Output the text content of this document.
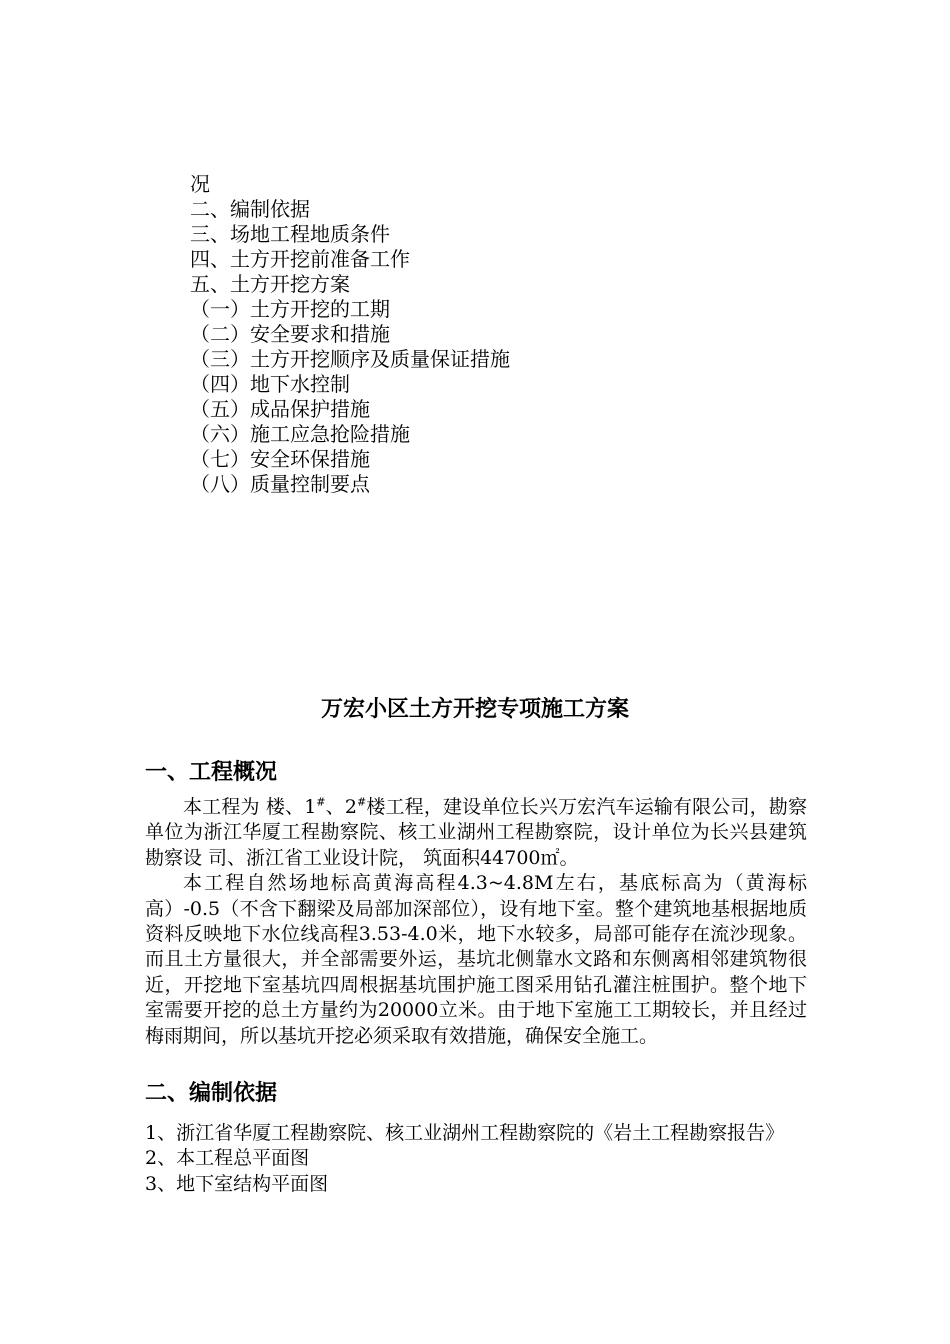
况
二、编制依据
三、场地工程地质条件
四、土方开挖前准备工作
五、土方开挖方案
（一）土方开挖的工期
（二）安全要求和措施
（三）土方开挖顺序及质量保证措施
（四）地下水控制
（五）成品保护措施
（六）施工应急抢险措施
（七）安全环保措施
（八）质量控制要点
万宏小区土方开挖专项施工方案
一、工程概况

本工程为 楼、1#、2#楼工程，建设单位长兴万宏汽车运输有限公司，勘察单位为浙江华厦工程勘察院、核工业湖州工程勘察院，设计单位为长兴县建筑勘察设 司、浙江省工业设计院， 筑面积44700㎡。

本工程自然场地标高黄海高程4.3~4.8M左右，基底标高为（黄海标高）-0.5（不含下翻梁及局部加深部位），设有地下室。整个建筑地基根据地质资料反映地下水位线高程3.53-4.0米，地下水较多，局部可能存在流沙现象。而且土方量很大，并全部需要外运，基坑北侧靠水文路和东侧离相邻建筑物很近，开挖地下室基坑四周根据基坑围护施工图采用钻孔灌注桩围护。整个地下室需要开挖的总土方量约为20000立米。由于地下室施工工期较长，并且经过梅雨期间，所以基坑开挖必须采取有效措施，确保安全施工。

二、编制依据
1、浙江省华厦工程勘察院、核工业湖州工程勘察院的《岩土工程勘察报告》
2、本工程总平面图
3、地下室结构平面图
